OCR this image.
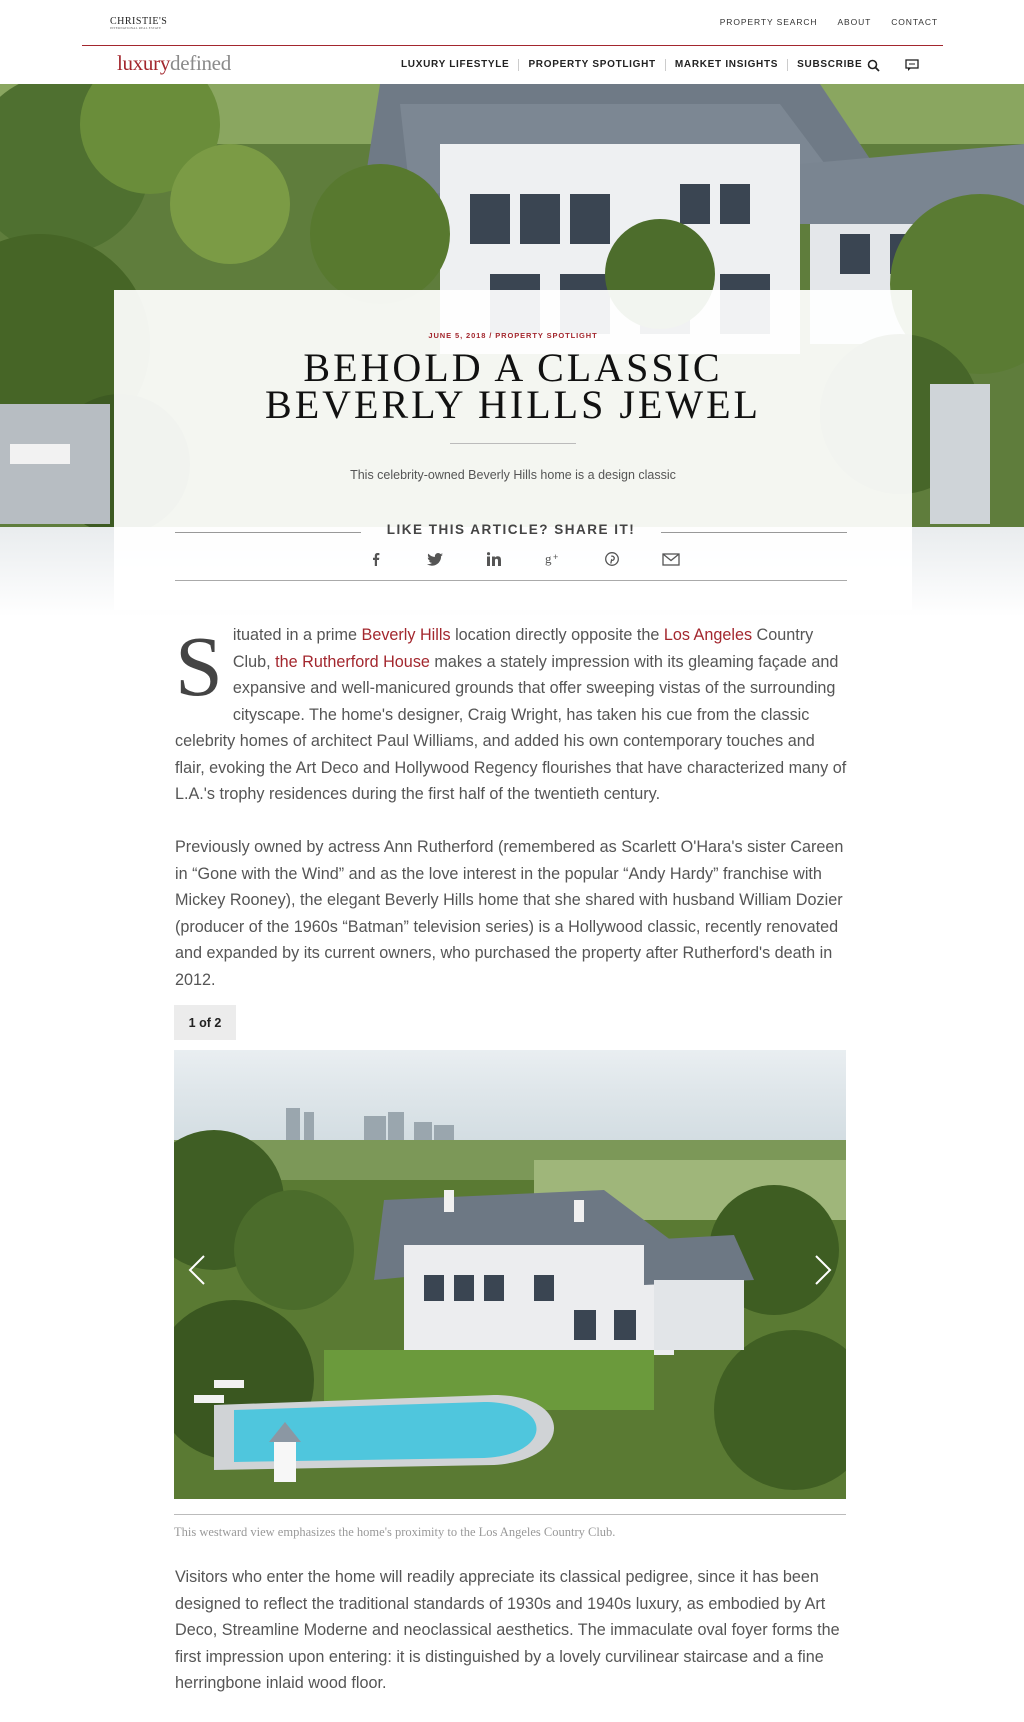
CHRISTIE'S
INTERNATIONAL REAL ESTATE
PROPERTY SEARCH ABOUT CONTACT
luxurydefined	LUXURY LIFESTYLE	PROPERTY SPOTLIGHT	MARKET INSIGHTS	SUBSCRIBE
JUNE 5, 2018 / PROPERTY SPOTLIGHT
BEHOLD A CLASSIC
BEVERLY HILLS JEWEL
This celebrity-owned Beverly Hills home is a design classic
LIKE THIS ARTICLE? SHARE IT!
g +

Situated in a prime Beverly Hills location directly opposite the Los Angeles Country Club, the Rutherford House makes a stately impression with its gleaming façade and expansive and well-manicured grounds that offer sweeping vistas of the surrounding cityscape. The home's designer, Craig Wright, has taken his cue from the classic celebrity homes of architect Paul Williams, and added his own contemporary touches and flair, evoking the Art Deco and Hollywood Regency flourishes that have characterized many of L.A.'s trophy residences during the first half of the twentieth century.

Previously owned by actress Ann Rutherford (remembered as Scarlett O'Hara's sister Careen in “Gone with the Wind” and as the love interest in the popular “Andy Hardy” franchise with Mickey Rooney), the elegant Beverly Hills home that she shared with husband William Dozier (producer of the 1960s “Batman” television series) is a Hollywood classic, recently renovated and expanded by its current owners, who purchased the property after Rutherford's death in 2012.

1 of 2
This westward view emphasizes the home's proximity to the Los Angeles Country Club.

Visitors who enter the home will readily appreciate its classical pedigree, since it has been designed to reflect the traditional standards of 1930s and 1940s luxury, as embodied by Art Deco, Streamline Moderne and neoclassical aesthetics. The immaculate oval foyer forms the first impression upon entering: it is distinguished by a lovely curvilinear staircase and a fine herringbone inlaid wood floor.
